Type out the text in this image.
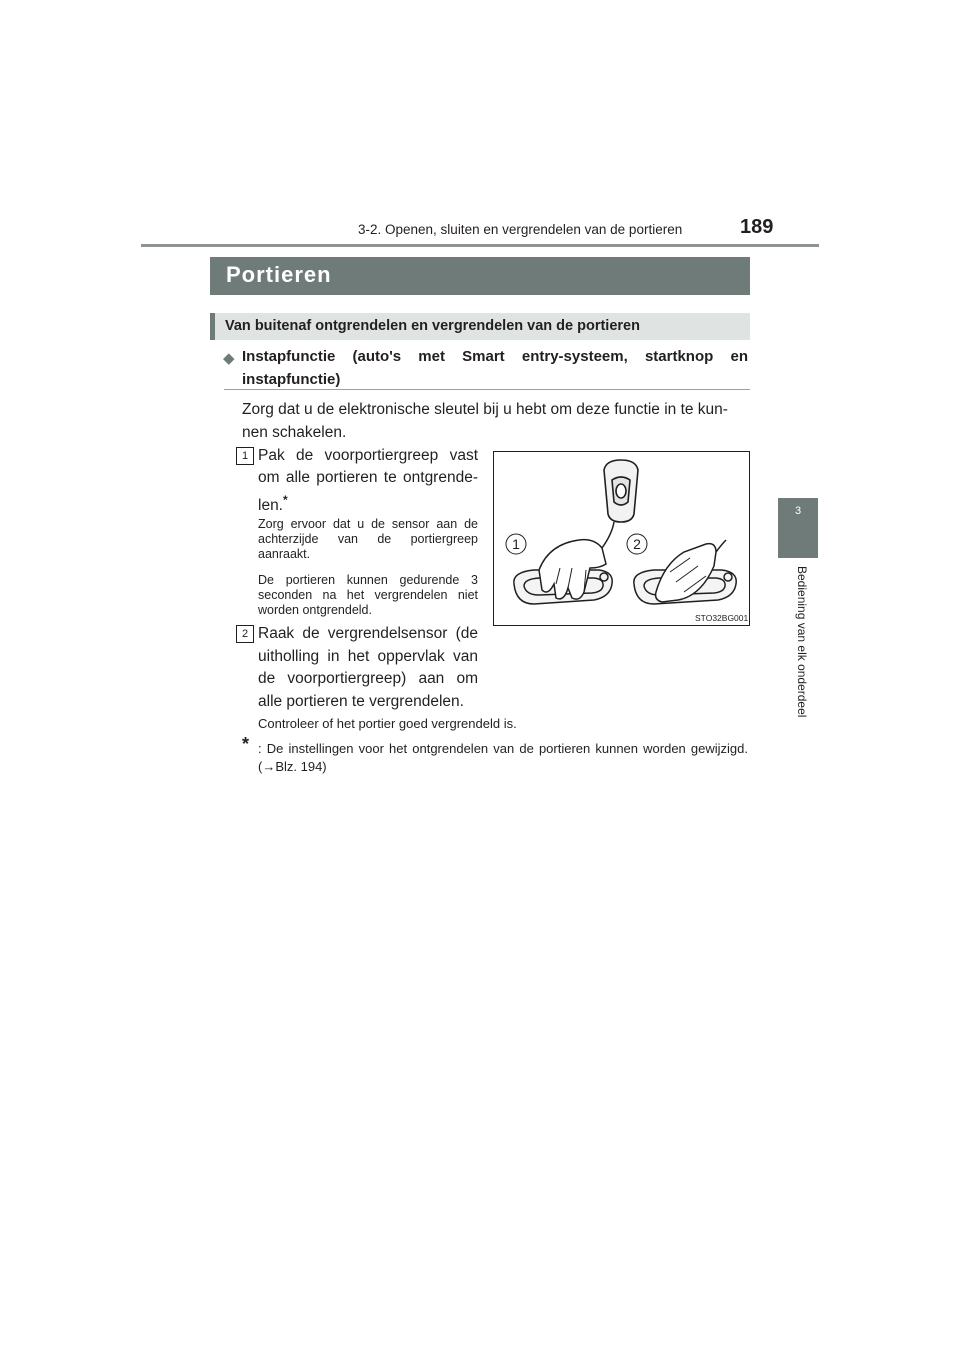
3-2. Openen, sluiten en vergrendelen van de portieren	189
3
Bediening van elk onderdeel
Portieren
Van buitenaf ontgrendelen en vergrendelen van de portieren
◆ Instapfunctie (auto's met Smart entry-systeem, startknop en instapfunctie)
Zorg dat u de elektronische sleutel bij u hebt om deze functie in te kun-nen schakelen.
1 Pak de voorportiergreep vast om alle portieren te ontgrende-len.*
Zorg ervoor dat u de sensor aan de achterzijde van de portiergreep aanraakt.
De portieren kunnen gedurende 3 seconden na het vergrendelen niet worden ontgrendeld.
2 Raak de vergrendelsensor (de uitholling in het oppervlak van de voorportiergreep) aan om alle portieren te vergrendelen.
1	2
STO32BG001
Controleer of het portier goed vergrendeld is.
* : De instellingen voor het ontgrendelen van de portieren kunnen worden gewijzigd. (→Blz. 194)
